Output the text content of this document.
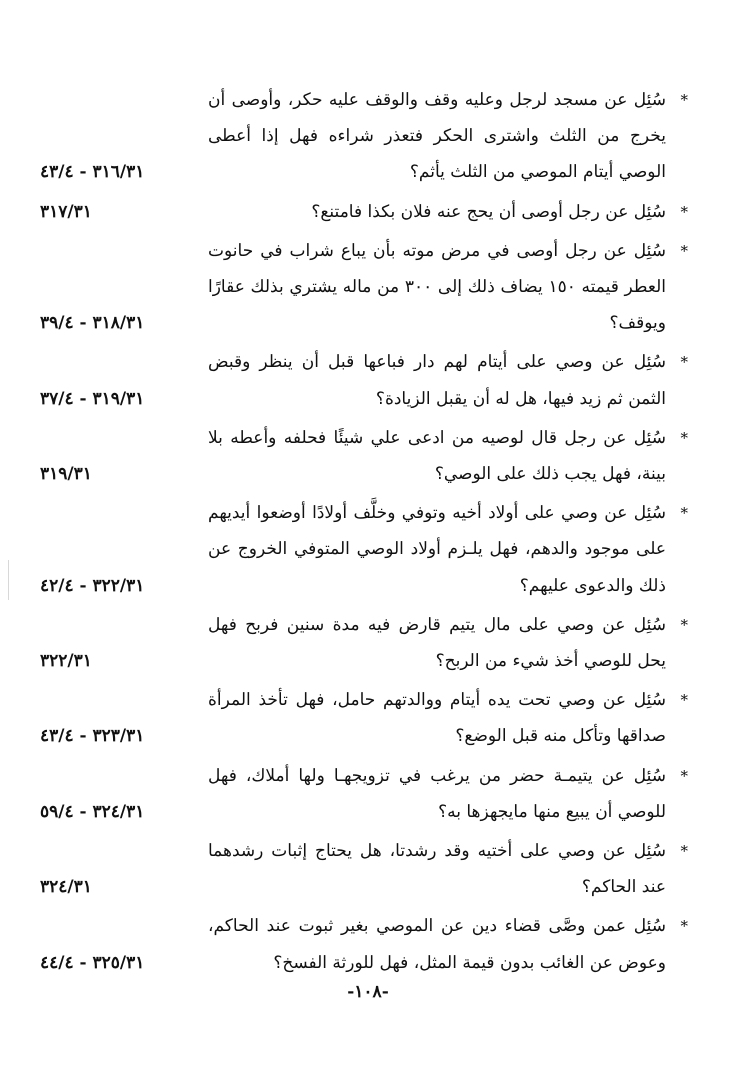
*
سُئِل عن مسجد لرجل وعليه وقف والوقف عليه حكر، وأوصى أن يخرج من الثلث واشترى الحكر فتعذر شراءه فهل إذا أعطى الوصي أيتام الموصي من الثلث يأثم؟
٣١٦/٣١ - ٤٣/٤
*
سُئِل عن رجل أوصى أن يحج عنه فلان بكذا فامتنع؟
٣١٧/٣١
*
سُئِل عن رجل أوصى في مرض موته بأن يباع شراب في حانوت العطر قيمته ١٥٠ يضاف ذلك إلى ٣٠٠ من ماله يشتري بذلك عقارًا ويوقف؟
٣١٨/٣١ - ٣٩/٤
*
سُئِل عن وصي على أيتام لهم دار فباعها قبل أن ينظر وقبض الثمن ثم زيد فيها، هل له أن يقبل الزيادة؟
٣١٩/٣١ - ٣٧/٤
*
سُئِل عن رجل قال لوصيه من ادعى علي شيئًا فحلفه وأعطه بلا بينة، فهل يجب ذلك على الوصي؟
٣١٩/٣١
*
سُئِل عن وصي على أولاد أخيه وتوفي وخلَّف أولادًا أوضعوا أيديهم على موجود والدهم، فهل يلـزم أولاد الوصي المتوفي الخروج عن ذلك والدعوى عليهم؟
٣٢٢/٣١ - ٤٢/٤
*
سُئِل عن وصي على مال يتيم قارض فيه مدة سنين فربح فهل يحل للوصي أخذ شيء من الربح؟
٣٢٢/٣١
*
سُئِل عن وصي تحت يده أيتام ووالدتهم حامل، فهل تأخذ المرأة صداقها وتأكل منه قبل الوضع؟
٣٢٣/٣١ - ٤٣/٤
*
سُئِل عن يتيمـة حضر من يرغب في تزويجهـا ولها أملاك، فهل للوصي أن يبيع منها مايجهزها به؟
٣٢٤/٣١ - ٥٩/٤
*
سُئِل عن وصي على أختيه وقد رشدتا، هل يحتاج إثبات رشدهما عند الحاكم؟
٣٢٤/٣١
*
سُئِل عمن وصَّى قضاء دين عن الموصي بغير ثبوت عند الحاكم، وعوض عن الغائب بدون قيمة المثل، فهل للورثة الفسخ؟
٣٢٥/٣١ - ٤٤/٤
-١٠٨-
